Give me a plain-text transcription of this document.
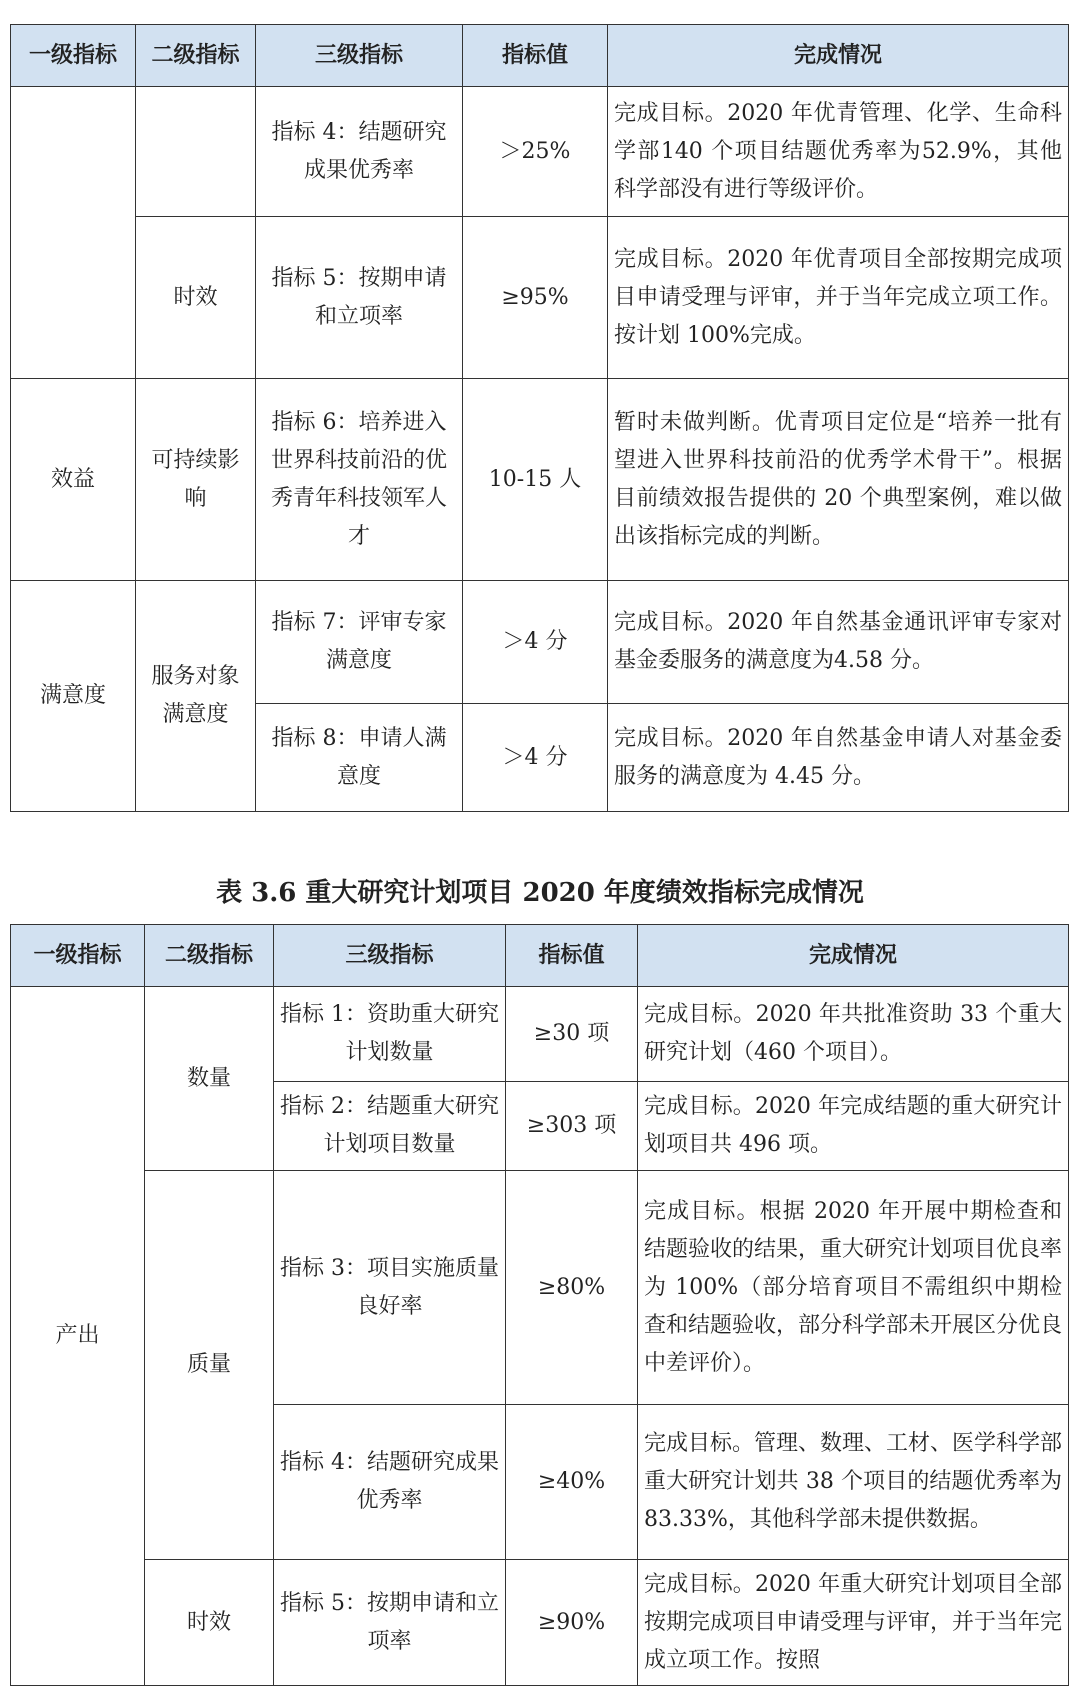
一级指标	二级指标	三级指标	指标值	完成情况
		指标 4：结题研究成果优秀率	＞25%	完成目标。2020 年优青管理、化学、生命科学部140 个项目结题优秀率为52.9%，其他科学部没有进行等级评价。
	时效	指标 5：按期申请和立项率	≥95%	完成目标。2020 年优青项目全部按期完成项目申请受理与评审，并于当年完成立项工作。按计划 100%完成。
效益	可持续影响	指标 6：培养进入世界科技前沿的优秀青年科技领军人才	10-15 人	暂时未做判断。优青项目定位是“培养一批有望进入世界科技前沿的优秀学术骨干”。根据目前绩效报告提供的 20 个典型案例，难以做出该指标完成的判断。
满意度	服务对象满意度	指标 7：评审专家满意度	＞4 分	完成目标。2020 年自然基金通讯评审专家对基金委服务的满意度为4.58 分。
		指标 8：申请人满意度	＞4 分	完成目标。2020 年自然基金申请人对基金委服务的满意度为 4.45 分。
表 3.6 重大研究计划项目 2020 年度绩效指标完成情况
一级指标	二级指标	三级指标	指标值	完成情况
产出	数量	指标 1：资助重大研究计划数量	≥30 项	完成目标。2020 年共批准资助 33 个重大研究计划（460 个项目）。
		指标 2：结题重大研究计划项目数量	≥303 项	完成目标。2020 年完成结题的重大研究计划项目共 496 项。
	质量	指标 3：项目实施质量良好率	≥80%	完成目标。根据 2020 年开展中期检查和结题验收的结果，重大研究计划项目优良率为 100%（部分培育项目不需组织中期检查和结题验收，部分科学部未开展区分优良中差评价）。
		指标 4：结题研究成果优秀率	≥40%	完成目标。管理、数理、工材、医学科学部重大研究计划共 38 个项目的结题优秀率为 83.33%，其他科学部未提供数据。
	时效	指标 5：按期申请和立项率	≥90%	完成目标。2020 年重大研究计划项目全部按期完成项目申请受理与评审，并于当年完成立项工作。按照
